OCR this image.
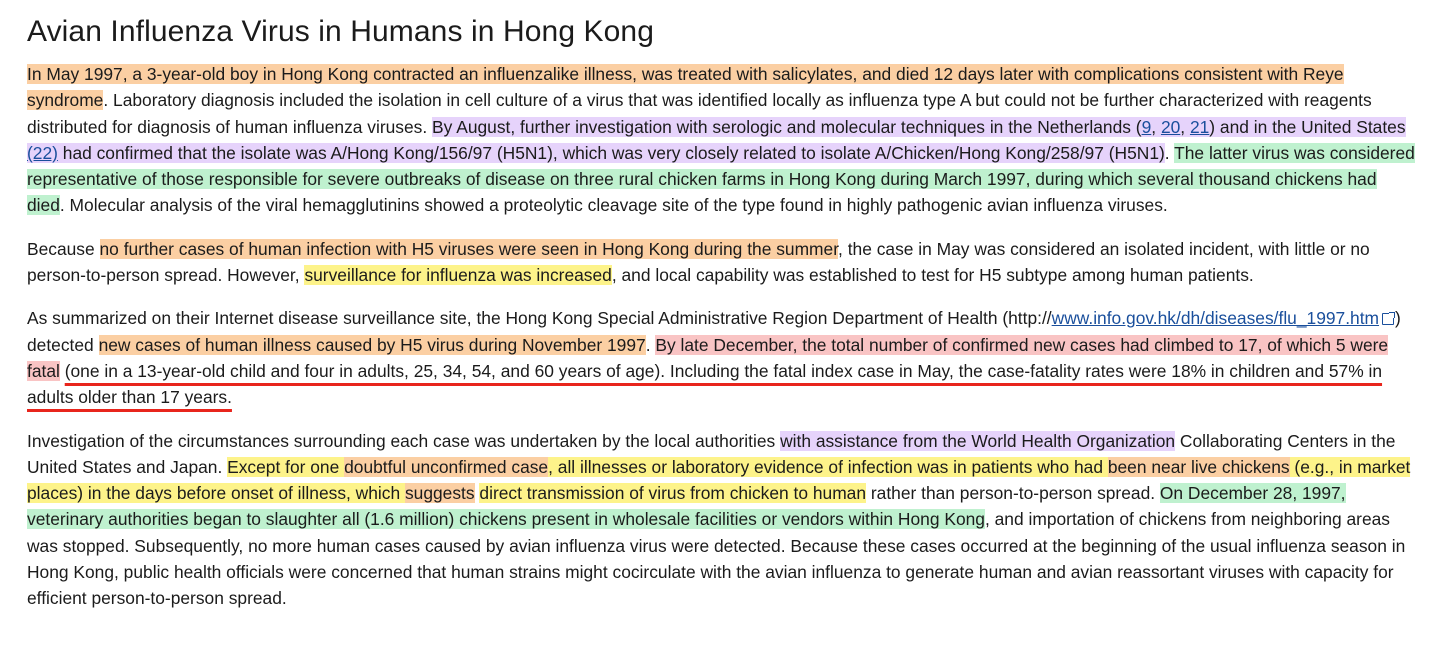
Avian Influenza Virus in Humans in Hong Kong

In May 1997, a 3-year-old boy in Hong Kong contracted an influenzalike illness, was treated with salicylates, and died 12 days later with complications consistent with Reye syndrome. Laboratory diagnosis included the isolation in cell culture of a virus that was identified locally as influenza type A but could not be further characterized with reagents distributed for diagnosis of human influenza viruses. By August, further investigation with serologic and molecular techniques in the Netherlands (9, 20, 21) and in the United States (22) had confirmed that the isolate was A/Hong Kong/156/97 (H5N1), which was very closely related to isolate A/Chicken/Hong Kong/258/97 (H5N1). The latter virus was considered representative of those responsible for severe outbreaks of disease on three rural chicken farms in Hong Kong during March 1997, during which several thousand chickens had died. Molecular analysis of the viral hemagglutinins showed a proteolytic cleavage site of the type found in highly pathogenic avian influenza viruses.

Because no further cases of human infection with H5 viruses were seen in Hong Kong during the summer, the case in May was considered an isolated incident, with little or no person-to-person spread. However, surveillance for influenza was increased, and local capability was established to test for H5 subtype among human patients.

As summarized on their Internet disease surveillance site, the Hong Kong Special Administrative Region Department of Health (http://www.info.gov.hk/dh/diseases/flu_1997.htm ) detected new cases of human illness caused by H5 virus during November 1997. By late December, the total number of confirmed new cases had climbed to 17, of which 5 were fatal (one in a 13-year-old child and four in adults, 25, 34, 54, and 60 years of age). Including the fatal index case in May, the case-fatality rates were 18% in children and 57% in adults older than 17 years.

Investigation of the circumstances surrounding each case was undertaken by the local authorities with assistance from the World Health Organization Collaborating Centers in the United States and Japan. Except for one doubtful unconfirmed case, all illnesses or laboratory evidence of infection was in patients who had been near live chickens (e.g., in market places) in the days before onset of illness, which suggests direct transmission of virus from chicken to human rather than person-to-person spread. On December 28, 1997, veterinary authorities began to slaughter all (1.6 million) chickens present in wholesale facilities or vendors within Hong Kong, and importation of chickens from neighboring areas was stopped. Subsequently, no more human cases caused by avian influenza virus were detected. Because these cases occurred at the beginning of the usual influenza season in Hong Kong, public health officials were concerned that human strains might cocirculate with the avian influenza to generate human and avian reassortant viruses with capacity for efficient person-to-person spread.
